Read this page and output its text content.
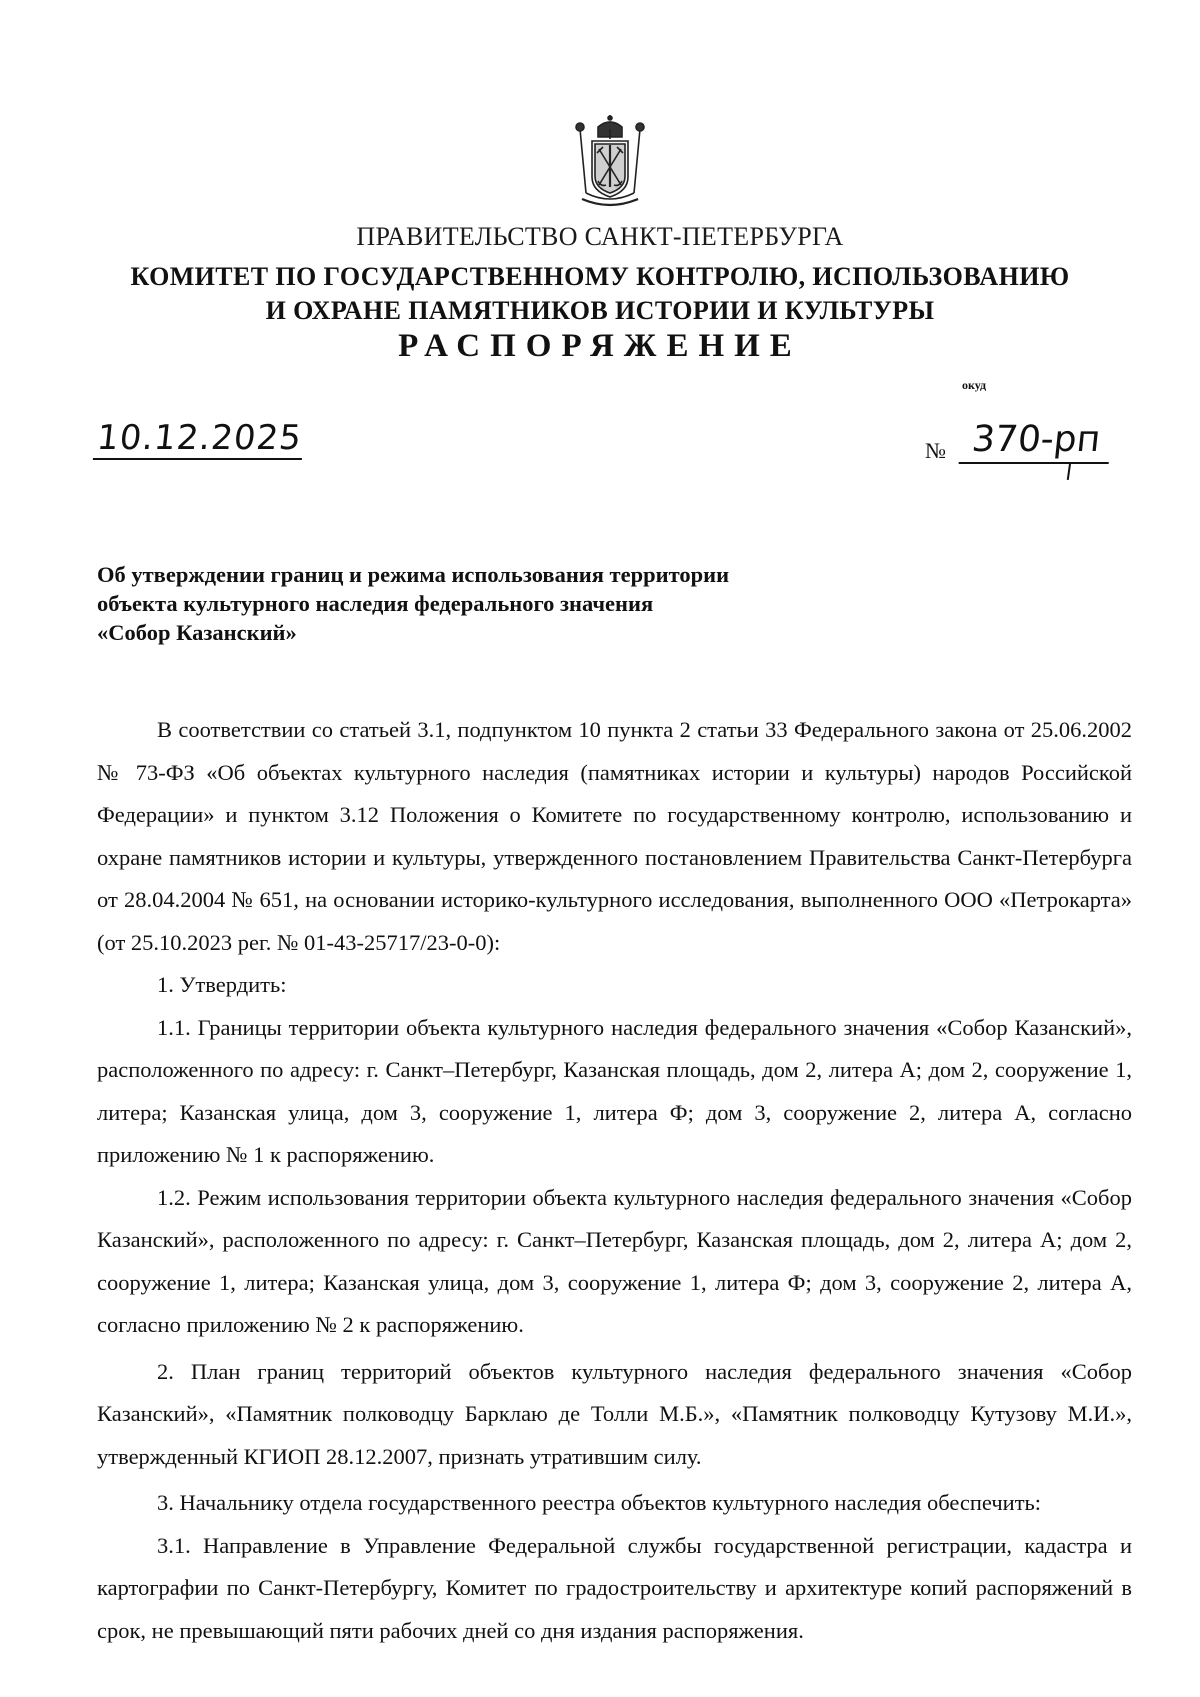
ПРАВИТЕЛЬСТВО САНКТ-ПЕТЕРБУРГА
КОМИТЕТ ПО ГОСУДАРСТВЕННОМУ КОНТРОЛЮ, ИСПОЛЬЗОВАНИЮ
И ОХРАНЕ ПАМЯТНИКОВ ИСТОРИИ И КУЛЬТУРЫ
РАСПОРЯЖЕНИЕ
окуд
10.12.2025	№ 370-рп
Об утверждении границ и режима использования территории
объекта культурного наследия федерального значения
«Собор Казанский»

В соответствии со статьей 3.1, подпунктом 10 пункта 2 статьи 33 Федерального закона от 25.06.2002 № 73-ФЗ «Об объектах культурного наследия (памятниках истории и культуры) народов Российской Федерации» и пунктом 3.12 Положения о Комитете по государственному контролю, использованию и охране памятников истории и культуры, утвержденного постановлением Правительства Санкт-Петербурга от 28.04.2004 № 651, на основании историко-культурного исследования, выполненного ООО «Петрокарта» (от 25.10.2023 рег. № 01-43-25717/23-0-0):

1. Утвердить:

1.1. Границы территории объекта культурного наследия федерального значения «Собор Казанский», расположенного по адресу: г. Санкт–Петербург, Казанская площадь, дом 2, литера А; дом 2, сооружение 1, литера; Казанская улица, дом 3, сооружение 1, литера Ф; дом 3, сооружение 2, литера А, согласно приложению № 1 к распоряжению.

1.2. Режим использования территории объекта культурного наследия федерального значения «Собор Казанский», расположенного по адресу: г. Санкт–Петербург, Казанская площадь, дом 2, литера А; дом 2, сооружение 1, литера; Казанская улица, дом 3, сооружение 1, литера Ф; дом 3, сооружение 2, литера А, согласно приложению № 2 к распоряжению.

2. План границ территорий объектов культурного наследия федерального значения «Собор Казанский», «Памятник полководцу Барклаю де Толли М.Б.», «Памятник полководцу Кутузову М.И.», утвержденный КГИОП 28.12.2007, признать утратившим силу.

3. Начальнику отдела государственного реестра объектов культурного наследия обеспечить:

3.1. Направление в Управление Федеральной службы государственной регистрации, кадастра и картографии по Санкт-Петербургу, Комитет по градостроительству и архитектуре копий распоряжений в срок, не превышающий пяти рабочих дней со дня издания распоряжения.
